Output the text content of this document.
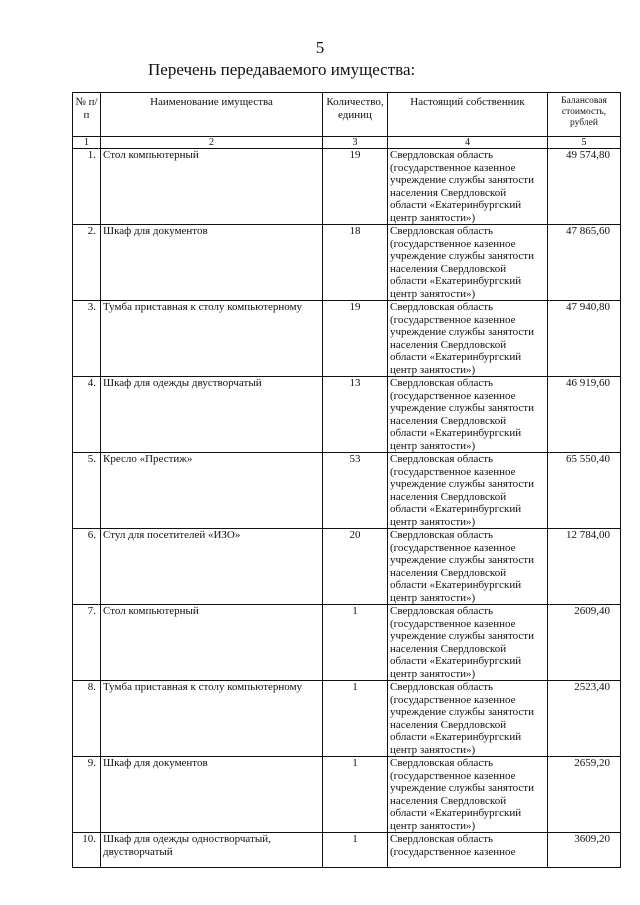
5
Перечень передаваемого имущества:
№ п/п	Наименование имущества	Количество, единиц	Настоящий собственник	Балансовая стоимость, рублей
1	2	3	4	5
1.	Стол компьютерный	19	Свердловская область (государственное казенное учреждение службы занятости населения Свердловской области «Екатеринбургский центр занятости»)	49 574,80
2.	Шкаф для документов	18	Свердловская область (государственное казенное учреждение службы занятости населения Свердловской области «Екатеринбургский центр занятости»)	47 865,60
3.	Тумба приставная к столу компьютерному	19	Свердловская область (государственное казенное учреждение службы занятости населения Свердловской области «Екатеринбургский центр занятости»)	47 940,80
4.	Шкаф для одежды двустворчатый	13	Свердловская область (государственное казенное учреждение службы занятости населения Свердловской области «Екатеринбургский центр занятости»)	46 919,60
5.	Кресло «Престиж»	53	Свердловская область (государственное казенное учреждение службы занятости населения Свердловской области «Екатеринбургский центр занятости»)	65 550,40
6.	Стул для посетителей «ИЗО»	20	Свердловская область (государственное казенное учреждение службы занятости населения Свердловской области «Екатеринбургский центр занятости»)	12 784,00
7.	Стол компьютерный	1	Свердловская область (государственное казенное учреждение службы занятости населения Свердловской области «Екатеринбургский центр занятости»)	2609,40
8.	Тумба приставная к столу компьютерному	1	Свердловская область (государственное казенное учреждение службы занятости населения Свердловской области «Екатеринбургский центр занятости»)	2523,40
9.	Шкаф для документов	1	Свердловская область (государственное казенное учреждение службы занятости населения Свердловской области «Екатеринбургский центр занятости»)	2659,20
10.	Шкаф для одежды одностворчатый, двустворчатый	1	Свердловская область (государственное казенное	3609,20
